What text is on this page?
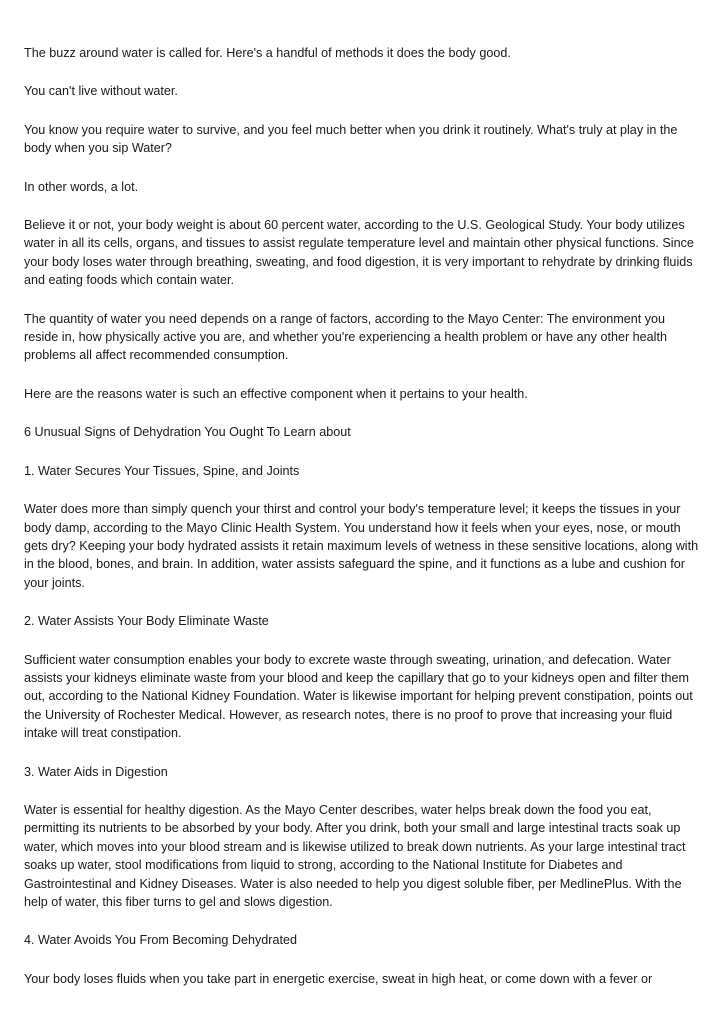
The buzz around water is called for. Here's a handful of methods it does the body good.

You can't live without water.

You know you require water to survive, and you feel much better when you drink it routinely. What's truly at play in the body when you sip Water?

In other words, a lot.

Believe it or not, your body weight is about 60 percent water, according to the U.S. Geological Study. Your body utilizes water in all its cells, organs, and tissues to assist regulate temperature level and maintain other physical functions. Since your body loses water through breathing, sweating, and food digestion, it is very important to rehydrate by drinking fluids and eating foods which contain water.

The quantity of water you need depends on a range of factors, according to the Mayo Center: The environment you reside in, how physically active you are, and whether you're experiencing a health problem or have any other health problems all affect recommended consumption.

Here are the reasons water is such an effective component when it pertains to your health.

6 Unusual Signs of Dehydration You Ought To Learn about

1. Water Secures Your Tissues, Spine, and Joints

Water does more than simply quench your thirst and control your body's temperature level; it keeps the tissues in your body damp, according to the Mayo Clinic Health System. You understand how it feels when your eyes, nose, or mouth gets dry? Keeping your body hydrated assists it retain maximum levels of wetness in these sensitive locations, along with in the blood, bones, and brain. In addition, water assists safeguard the spine, and it functions as a lube and cushion for your joints.

2. Water Assists Your Body Eliminate Waste

Sufficient water consumption enables your body to excrete waste through sweating, urination, and defecation. Water assists your kidneys eliminate waste from your blood and keep the capillary that go to your kidneys open and filter them out, according to the National Kidney Foundation. Water is likewise important for helping prevent constipation, points out the University of Rochester Medical. However, as research notes, there is no proof to prove that increasing your fluid intake will treat constipation.

3. Water Aids in Digestion

Water is essential for healthy digestion. As the Mayo Center describes, water helps break down the food you eat, permitting its nutrients to be absorbed by your body. After you drink, both your small and large intestinal tracts soak up water, which moves into your blood stream and is likewise utilized to break down nutrients. As your large intestinal tract soaks up water, stool modifications from liquid to strong, according to the National Institute for Diabetes and Gastrointestinal and Kidney Diseases. Water is also needed to help you digest soluble fiber, per MedlinePlus. With the help of water, this fiber turns to gel and slows digestion.

4. Water Avoids You From Becoming Dehydrated

Your body loses fluids when you take part in energetic exercise, sweat in high heat, or come down with a fever or
